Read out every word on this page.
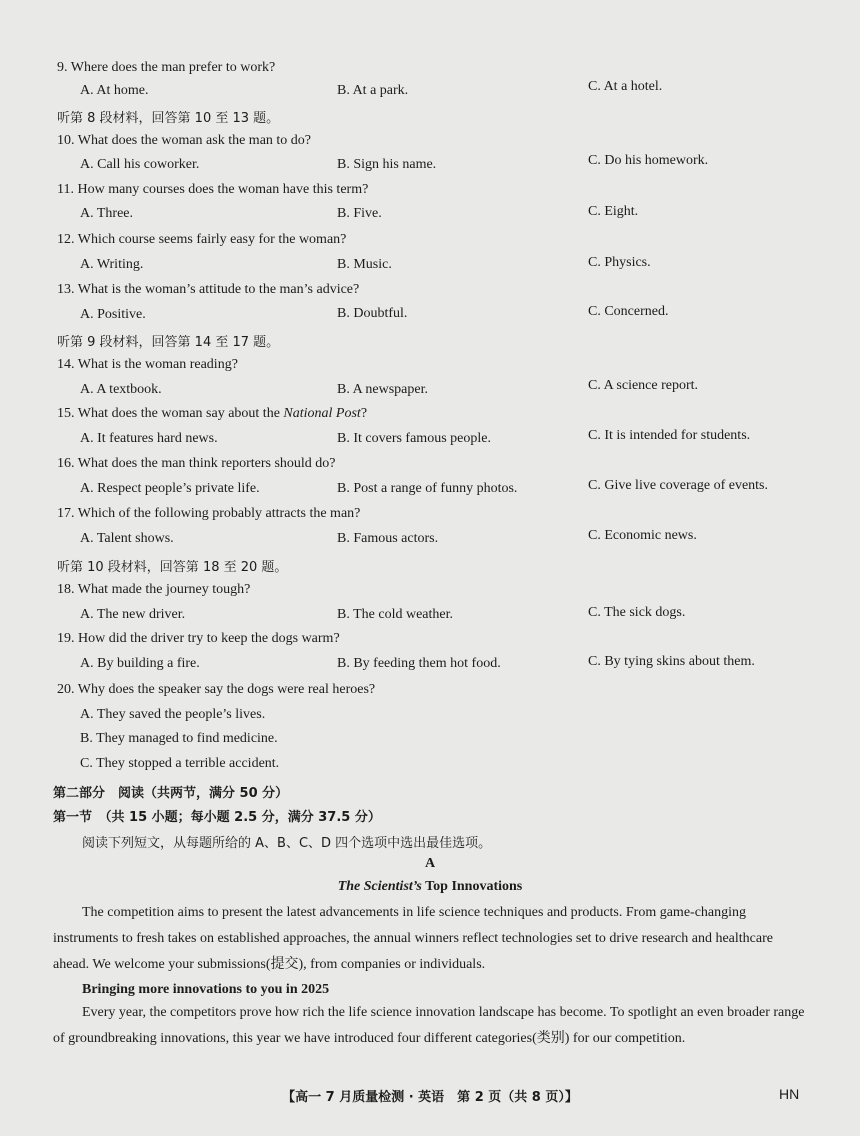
9. Where does the man prefer to work?
A. At home.	B. At a park.	C. At a hotel.
听第 8 段材料，回答第 10 至 13 题。
10. What does the woman ask the man to do?
A. Call his coworker.	B. Sign his name.	C. Do his homework.
11. How many courses does the woman have this term?
A. Three.	B. Five.	C. Eight.
12. Which course seems fairly easy for the woman?
A. Writing.	B. Music.	C. Physics.
13. What is the woman’s attitude to the man’s advice?
A. Positive.	B. Doubtful.	C. Concerned.
听第 9 段材料，回答第 14 至 17 题。
14. What is the woman reading?
A. A textbook.	B. A newspaper.	C. A science report.
15. What does the woman say about the National Post?
A. It features hard news.	B. It covers famous people.	C. It is intended for students.
16. What does the man think reporters should do?
A. Respect people’s private life.	B. Post a range of funny photos.	C. Give live coverage of events.
17. Which of the following probably attracts the man?
A. Talent shows.	B. Famous actors.	C. Economic news.
听第 10 段材料，回答第 18 至 20 题。
18. What made the journey tough?
A. The new driver.	B. The cold weather.	C. The sick dogs.
19. How did the driver try to keep the dogs warm?
A. By building a fire.	B. By feeding them hot food.	C. By tying skins about them.
20. Why does the speaker say the dogs were real heroes?
A. They saved the people’s lives.
B. They managed to find medicine.
C. They stopped a terrible accident.
第二部分　阅读（共两节，满分 50 分）
第一节　（共 15 小题；每小题 2.5 分，满分 37.5 分）
阅读下列短文，从每题所给的 A、B、C、D 四个选项中选出最佳选项。
A
The Scientist’s Top Innovations
The competition aims to present the latest advancements in life science techniques and products. From game-changing instruments to fresh takes on established approaches, the annual winners reflect technologies set to drive research and healthcare ahead. We welcome your submissions(提交), from companies or individuals.
Bringing more innovations to you in 2025
Every year, the competitors prove how rich the life science innovation landscape has become. To spotlight an even broader range of groundbreaking innovations, this year we have introduced four different categories(类别) for our competition.
【高一 7 月质量检测 · 英语　第 2 页（共 8 页）】	HN
